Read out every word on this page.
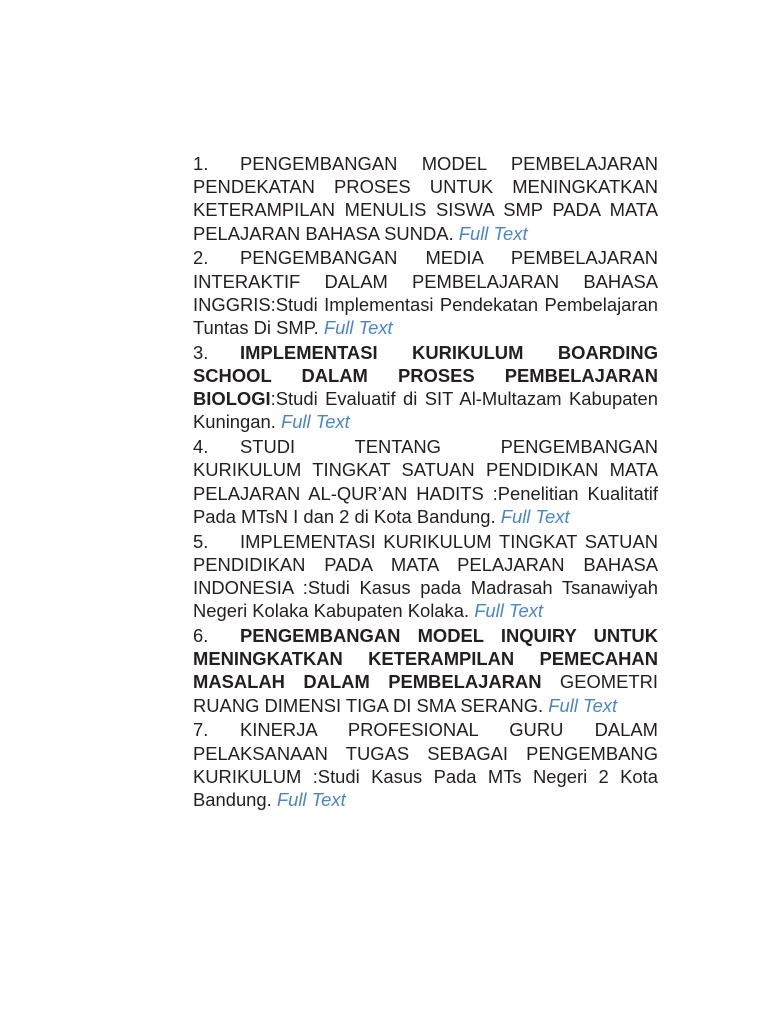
1. PENGEMBANGAN MODEL PEMBELAJARAN PENDEKATAN PROSES UNTUK MENINGKATKAN KETERAMPILAN MENULIS SISWA SMP PADA MATA PELAJARAN BAHASA SUNDA. Full Text

2. PENGEMBANGAN MEDIA PEMBELAJARAN INTERAKTIF DALAM PEMBELAJARAN BAHASA INGGRIS:Studi Implementasi Pendekatan Pembelajaran Tuntas Di SMP. Full Text

3. IMPLEMENTASI KURIKULUM BOARDING SCHOOL DALAM PROSES PEMBELAJARAN BIOLOGI:Studi Evaluatif di SIT Al-Multazam Kabupaten Kuningan. Full Text

4. STUDI TENTANG PENGEMBANGAN KURIKULUM TINGKAT SATUAN PENDIDIKAN MATA PELAJARAN AL-QUR’AN HADITS :Penelitian Kualitatif Pada MTsN I dan 2 di Kota Bandung. Full Text

5. IMPLEMENTASI KURIKULUM TINGKAT SATUAN PENDIDIKAN PADA MATA PELAJARAN BAHASA INDONESIA :Studi Kasus pada Madrasah Tsanawiyah Negeri Kolaka Kabupaten Kolaka. Full Text

6. PENGEMBANGAN MODEL INQUIRY UNTUK MENINGKATKAN KETERAMPILAN PEMECAHAN MASALAH DALAM PEMBELAJARAN GEOMETRI RUANG DIMENSI TIGA DI SMA SERANG. Full Text

7. KINERJA PROFESIONAL GURU DALAM PELAKSANAAN TUGAS SEBAGAI PENGEMBANG KURIKULUM :Studi Kasus Pada MTs Negeri 2 Kota Bandung. Full Text
